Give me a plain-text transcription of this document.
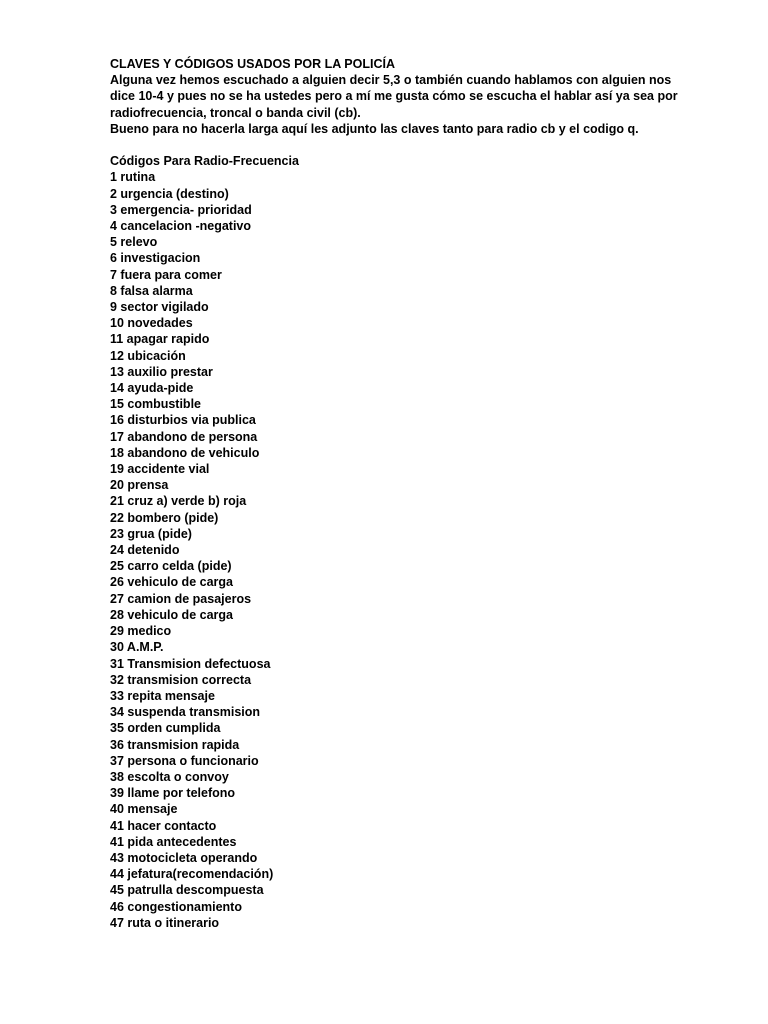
CLAVES Y CÓDIGOS USADOS POR LA POLICÍA

Alguna vez hemos escuchado a alguien decir 5,3 o también cuando hablamos con alguien nos

dice 10-4 y pues no se ha ustedes pero a mí me gusta cómo se escucha el hablar así ya sea por

radiofrecuencia, troncal o banda civil (cb).

Bueno para no hacerla larga aquí les adjunto las claves tanto para radio cb y el codigo q.

Códigos Para Radio-Frecuencia

1 rutina
2 urgencia (destino)
3 emergencia- prioridad
4 cancelacion -negativo
5 relevo
6 investigacion
7 fuera para comer
8 falsa alarma
9 sector vigilado
10 novedades
11 apagar rapido
12 ubicación
13 auxilio prestar
14 ayuda-pide
15 combustible
16 disturbios via publica
17 abandono de persona
18 abandono de vehiculo
19 accidente vial
20 prensa
21 cruz a) verde b) roja
22 bombero (pide)
23 grua (pide)
24 detenido
25 carro celda (pide)
26 vehiculo de carga
27 camion de pasajeros
28 vehiculo de carga
29 medico
30 A.M.P.
31 Transmision defectuosa
32 transmision correcta
33 repita mensaje
34 suspenda transmision
35 orden cumplida
36 transmision rapida
37 persona o funcionario
38 escolta o convoy
39 llame por telefono
40 mensaje
41 hacer contacto
41 pida antecedentes
43 motocicleta operando
44 jefatura(recomendación)
45 patrulla descompuesta
46 congestionamiento
47 ruta o itinerario
